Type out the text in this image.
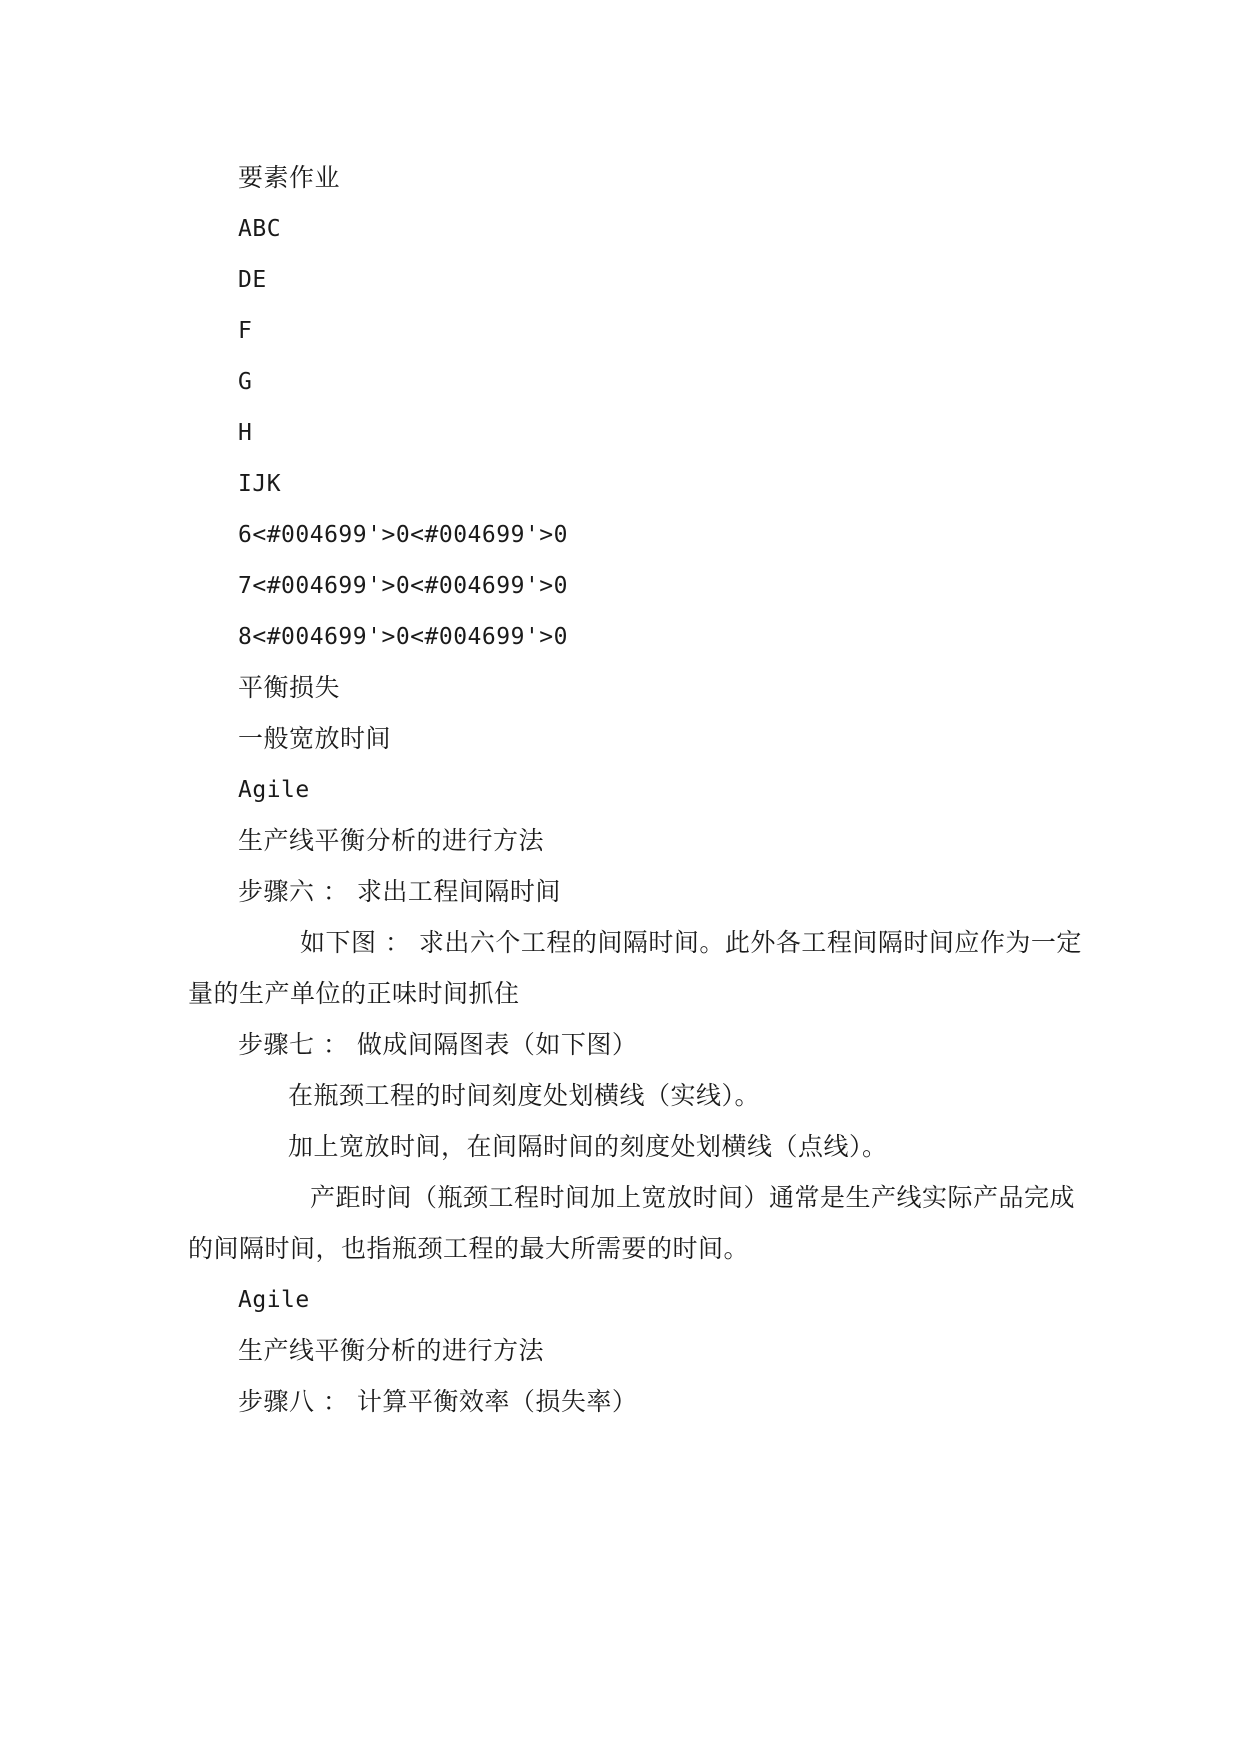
要素作业
ABC
DE
F
G
H
IJK
6<#004699'>0<#004699'>0
7<#004699'>0<#004699'>0
8<#004699'>0<#004699'>0
平衡损失
一般宽放时间
Agile
生产线平衡分析的进行方法
步骤六 ： 求出工程间隔时间
如下图 ： 求出六个工程的间隔时间。此外各工程间隔时间应作为一定
量的生产单位的正味时间抓住
步骤七 ： 做成间隔图表（如下图）
在瓶颈工程的时间刻度处划横线（实线）。
加上宽放时间，在间隔时间的刻度处划横线（点线）。
产距时间（瓶颈工程时间加上宽放时间）通常是生产线实际产品完成
的间隔时间，也指瓶颈工程的最大所需要的时间。
Agile
生产线平衡分析的进行方法
步骤八 ： 计算平衡效率（损失率）
